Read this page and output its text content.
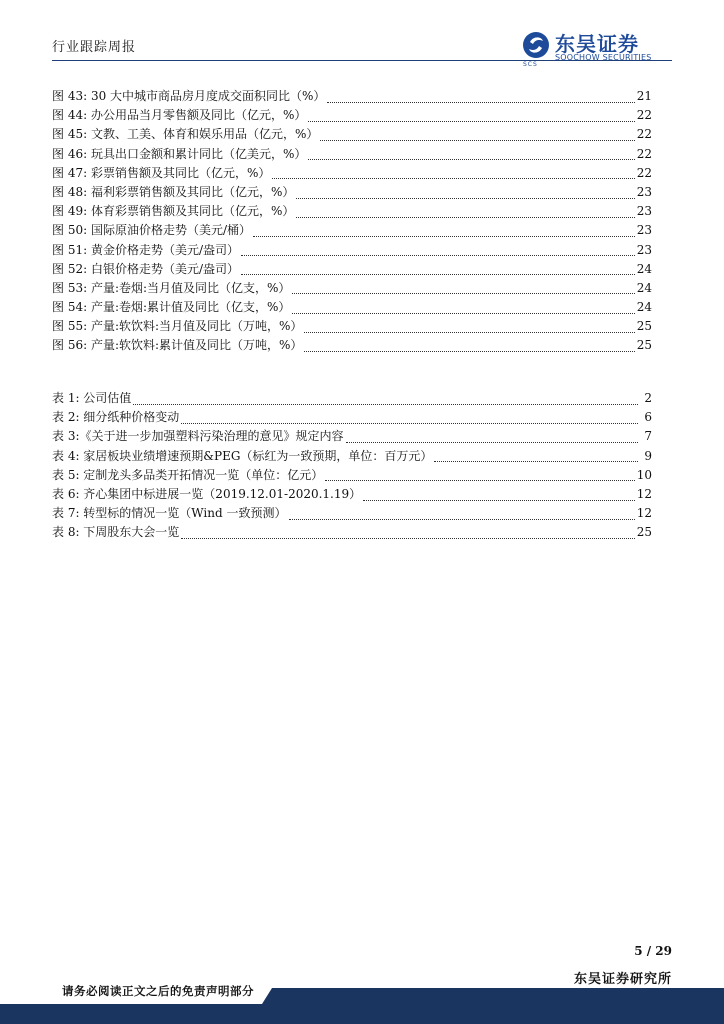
行业跟踪周报
SCS
东吴证券
SOOCHOW SECURITIES
图 43: 30 大中城市商品房月度成交面积同比（%）	21
图 44: 办公用品当月零售额及同比（亿元，%）	22
图 45: 文教、工美、体育和娱乐用品（亿元，%）	22
图 46: 玩具出口金额和累计同比（亿美元，%）	22
图 47: 彩票销售额及其同比（亿元，%）	22
图 48: 福利彩票销售额及其同比（亿元，%）	23
图 49: 体育彩票销售额及其同比（亿元，%）	23
图 50: 国际原油价格走势（美元/桶）	23
图 51: 黄金价格走势（美元/盎司）	23
图 52: 白银价格走势（美元/盎司）	24
图 53: 产量:卷烟:当月值及同比（亿支，%）	24
图 54: 产量:卷烟:累计值及同比（亿支，%）	24
图 55: 产量:软饮料:当月值及同比（万吨，%）	25
图 56: 产量:软饮料:累计值及同比（万吨，%）	25
表 1: 公司估值	2
表 2: 细分纸种价格变动	6
表 3:《关于进一步加强塑料污染治理的意见》规定内容	7
表 4: 家居板块业绩增速预期&PEG（标红为一致预期，单位：百万元）	9
表 5: 定制龙头多品类开拓情况一览（单位：亿元）	10
表 6: 齐心集团中标进展一览（2019.12.01-2020.1.19）	12
表 7: 转型标的情况一览（Wind 一致预测）	12
表 8: 下周股东大会一览	25
5 / 29
东吴证券研究所
请务必阅读正文之后的免责声明部分
